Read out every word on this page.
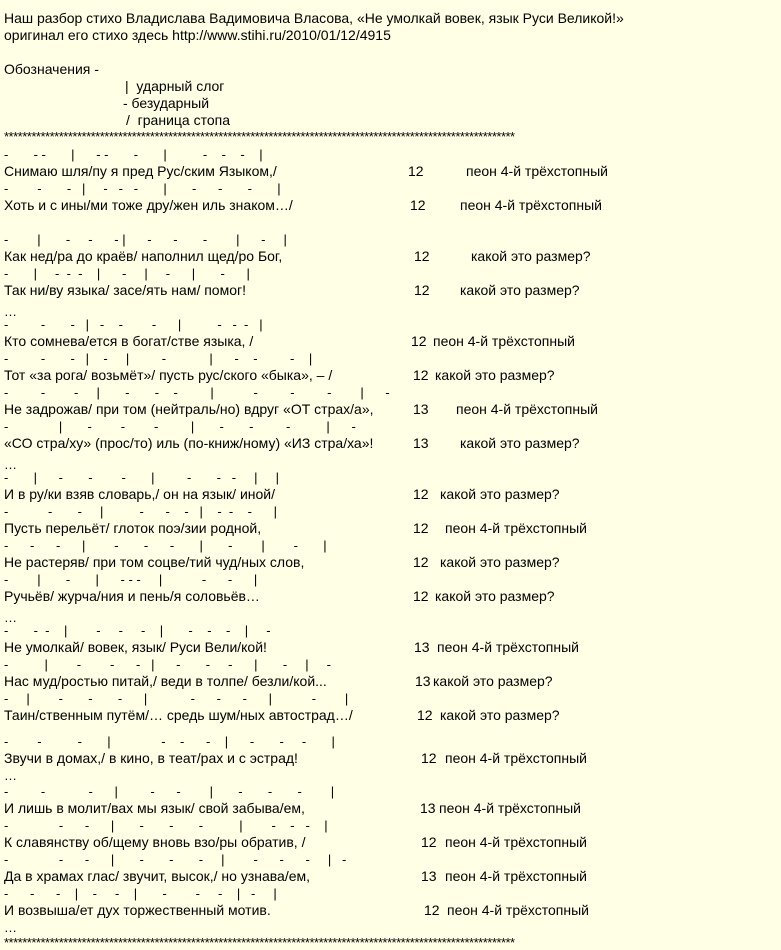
Наш разбор стихо Владислава Вадимовича Власова, «Не умолкай вовек, язык Руси Великой!»
оригинал его стихо здесь http://www.stihi.ru/2010/01/12/4915
Обозначения -
|  ударный слог
- безударный
/  граница стопа
****************************************************************************************************************
-       - -       |      - -       -       |          -    -    -    |
Снимаю шля/пу я пред Рус/ским Языком,/	12	пеон 4-й трёхстопный
-        -       -   |     -   -   -       |       -      -       -       |
Хоть и с ины/ми тоже дру/жен иль знаком…/	12 пеон 4-й трёхстопный
-        |       -     -      - |      -      -       -        |      -     |
Как нед/ра до краёв/ наполнил щед/ро Бог,	12	какой это размер?
-       |     -  -  -    |      -     |     -      |       -      |
Так ни/ву языка/ засе/ять нам/ помог!	12 какой это размер?
-         -       -   |   -    -        -      |          -   -  -   |
Кто сомнева/ется в богат/стве языка, /	12 пеон 4-й трёхстопный
-         -       -   |    -     |         -            |      -    -         -    |
Тот «за рога/ возьмёт»/ пусть рус/ского «быка», – /	12 какой это размер?
-         -        -     |       -       -    -         |           -         -         -        |      -
Не задрожав/ при том (нейтраль/но) вдруг «ОТ страх/а»,	13 пеон 4-й трёхстопный
-              |       -        -        -         |       -       -         -          |      -
«СО стра/ху» (прос/то) иль (по-книж/ному) «ИЗ стра/ха»!	13 какой это размер?
-       |      -       -        -       |         -       -   -     |     |
И в ру/ки взяв словарь,/ он на язык/ иной/	12 какой это размер?
-           -       -     |          -      -    -   |    -  -    -      |
Пусть перельёт/ глоток поэ/зии родной,	12 пеон 4-й трёхстопный
-      -      -      |        -       -      -       |       -        |        -       |
Не растеряв/ при том соцве/тий чуд/ных слов,	12 какой это размер?
-        |       -       |      - - -     |           -      -      |
Ручьёв/ журча/ния и пень/я соловьёв…	12 какой это размер?
-       -  -    |        -     -     -    |       -    -    -    |     -
Не умолкай/ вовек, язык/ Руси Вели/кой!	13 пеон 4-й трёхстопный
-          |        -        -      -   |      -       -     -      |       -     |     -
Нас муд/ростью питай,/ веди в толпе/ безли/кой...	13 какой это размер?
-     |        -       -       -      |            -      -      -      |           -        |
Таин/ственным путём/… средь шум/ных автострад…/	12 какой это размер?
-        -          -       |              -    -      -    |      -       -     -       |
Звучи в домах,/ в кино, в теат/рах и с эстрад!	12 пеон 4-й трёхстопный
-         -            -      |         -      -        |       -       -       -        |
И лишь в молит/вах мы язык/ свой забыва/ем,	13 пеон 4-й трёхстопный
-              -      -      |       -       -       -          |        -    -   -    |
К славянству об/щему вновь взо/ры обратив, /	12 пеон 4-й трёхстопный
-              -      -      |       -       -       -     |        -      -      -     |   -
Да в храмах глас/ звучит, высок,/ но узнава/ем,	13 пеон 4-й трёхстопный
-      -      -    |    -     -    |       -        -     -    |   -     |
И возвыша/ет дух торжественный мотив.	12 пеон 4-й трёхстопный
…
…
…
…
…
****************************************************************************************************************
